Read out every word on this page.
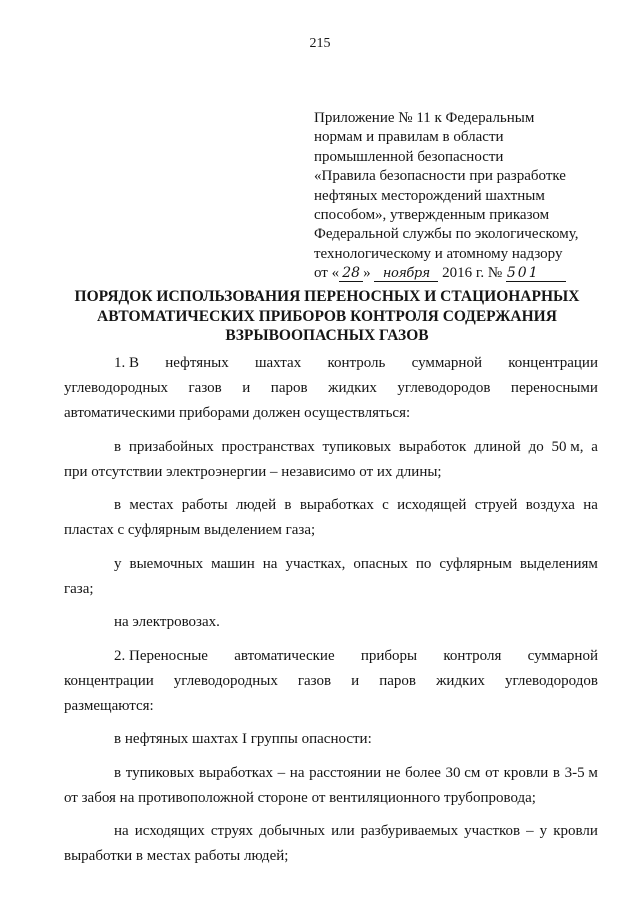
215
Приложение № 11 к Федеральным
нормам и правилам в области
промышленной безопасности
«Правила безопасности при разработке
нефтяных месторождений шахтным
способом», утвержденным приказом
Федеральной службы по экологическому,
технологическому и атомному надзору
от « 28 » ноября 2016 г. № 501
ПОРЯДОК ИСПОЛЬЗОВАНИЯ ПЕРЕНОСНЫХ И СТАЦИОНАРНЫХ
АВТОМАТИЧЕСКИХ ПРИБОРОВ КОНТРОЛЯ СОДЕРЖАНИЯ
ВЗРЫВООПАСНЫХ ГАЗОВ
1. В нефтяных шахтах контроль суммарной концентрации
углеводородных газов и паров жидких углеводородов переносными
автоматическими приборами должен осуществляться:
в призабойных пространствах тупиковых выработок длиной до 50 м, а
при отсутствии электроэнергии – независимо от их длины;
в местах работы людей в выработках с исходящей струей воздуха на
пластах с суфлярным выделением газа;
у выемочных машин на участках, опасных по суфлярным выделениям
газа;
на электровозах.
2. Переносные автоматические приборы контроля суммарной
концентрации углеводородных газов и паров жидких углеводородов
размещаются:
в нефтяных шахтах I группы опасности:
в тупиковых выработках – на расстоянии не более 30 см от кровли в 3-5 м
от забоя на противоположной стороне от вентиляционного трубопровода;
на исходящих струях добычных или разбуриваемых участков – у кровли
выработки в местах работы людей;
